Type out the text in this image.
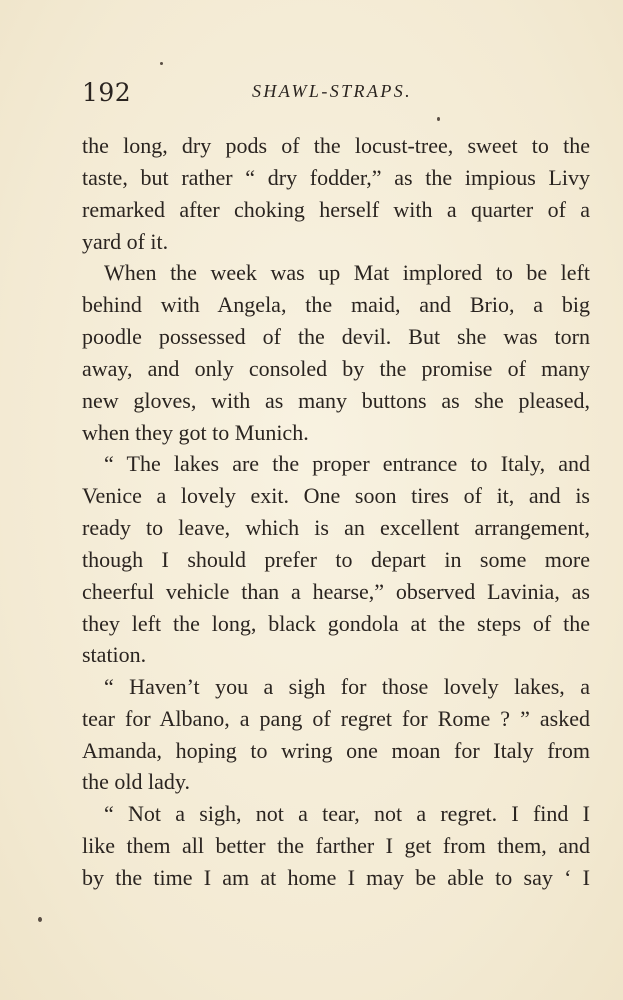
192	SHAWL-STRAPS.
the long, dry pods of the locust-tree, sweet to the
taste, but rather “ dry fodder,” as the impious Livy
remarked after choking herself with a quarter of a
yard of it.
When the week was up Mat implored to be left
behind with Angela, the maid, and Brio, a big
poodle possessed of the devil. But she was torn
away, and only consoled by the promise of many
new gloves, with as many buttons as she pleased,
when they got to Munich.
“ The lakes are the proper entrance to Italy, and
Venice a lovely exit. One soon tires of it, and is
ready to leave, which is an excellent arrangement,
though I should prefer to depart in some more
cheerful vehicle than a hearse,” observed Lavinia, as
they left the long, black gondola at the steps of the
station.
“ Haven’t you a sigh for those lovely lakes, a
tear for Albano, a pang of regret for Rome ? ” asked
Amanda, hoping to wring one moan for Italy from
the old lady.
“ Not a sigh, not a tear, not a regret. I find I
like them all better the farther I get from them, and
by the time I am at home I may be able to say ‘ I
